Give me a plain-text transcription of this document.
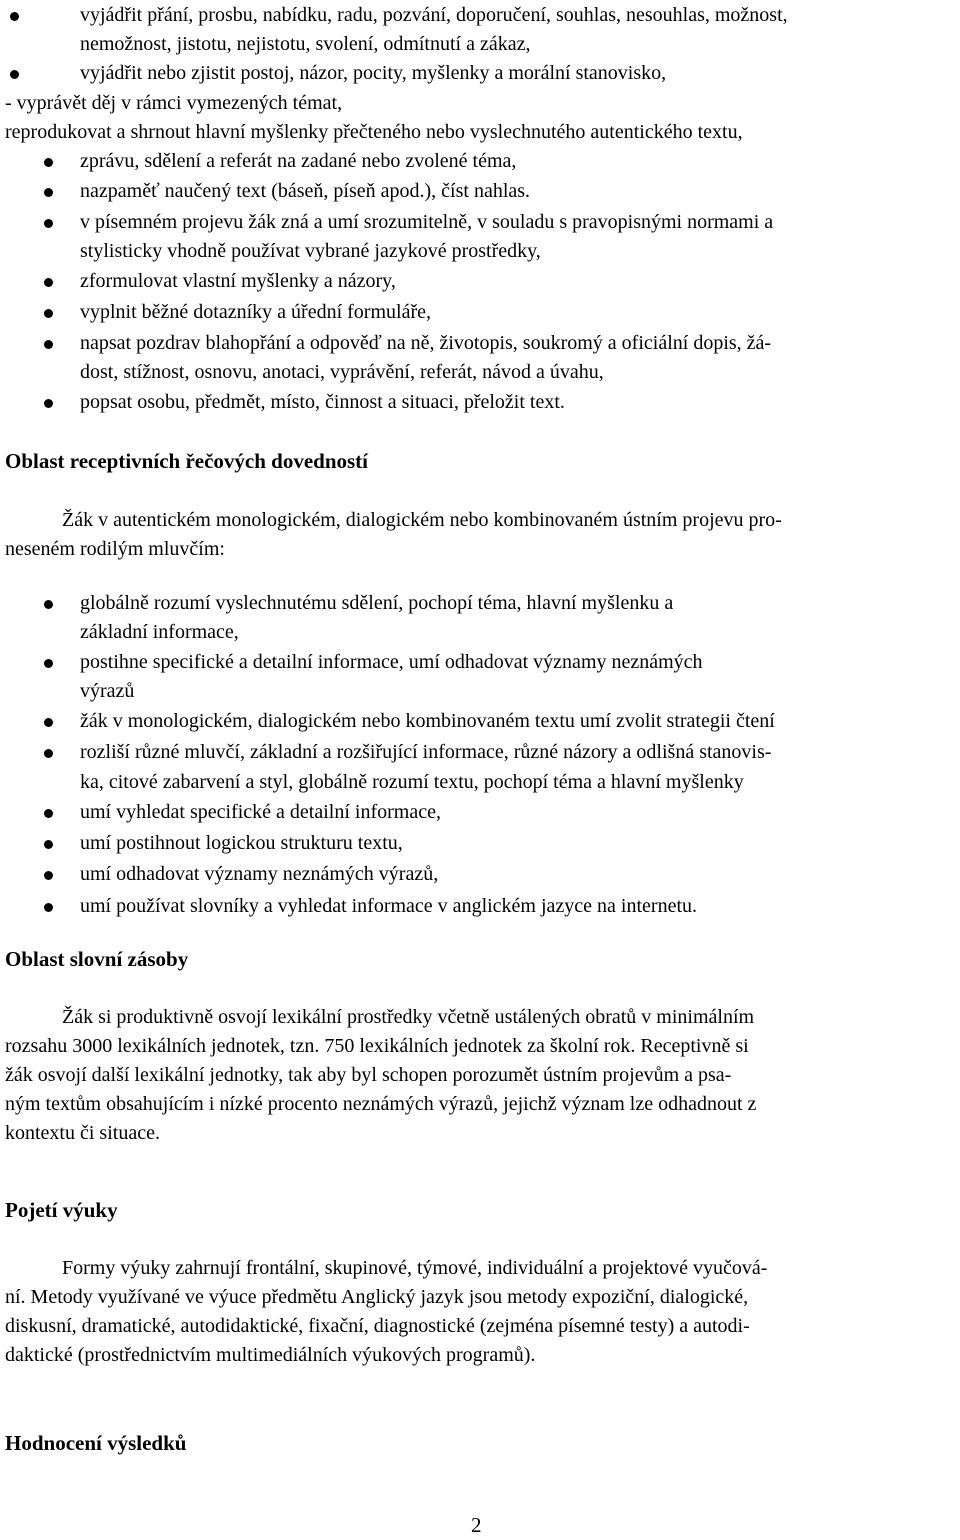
vyjádřit přání, prosbu, nabídku, radu, pozvání, doporučení, souhlas, nesouhlas, možnost,
nemožnost, jistotu, nejistotu, svolení, odmítnutí a zákaz,
vyjádřit nebo zjistit postoj, názor, pocity, myšlenky a morální stanovisko,
- vyprávět děj v rámci vymezených témat,
reprodukovat a shrnout hlavní myšlenky přečteného nebo vyslechnutého autentického textu,
zprávu, sdělení a referát na zadané nebo zvolené téma,
nazpaměť naučený text (báseň, píseň apod.), číst nahlas.
v písemném projevu žák zná a umí srozumitelně, v souladu s pravopisnými normami a
stylisticky vhodně používat vybrané jazykové prostředky,
zformulovat vlastní myšlenky a názory,
vyplnit běžné dotazníky a úřední formuláře,
napsat pozdrav blahopřání a odpověď na ně, životopis, soukromý a oficiální dopis, žá-
dost, stížnost, osnovu, anotaci, vyprávění, referát, návod a úvahu,
popsat osobu, předmět, místo, činnost a situaci, přeložit text.
Oblast receptivních řečových dovedností
Žák v autentickém monologickém, dialogickém nebo kombinovaném ústním projevu pro-
neseném rodilým mluvčím:
globálně rozumí vyslechnutému sdělení, pochopí téma, hlavní myšlenku a
základní informace,
postihne specifické a detailní informace, umí odhadovat významy neznámých
výrazů
žák v monologickém, dialogickém nebo kombinovaném textu umí zvolit strategii čtení
rozliší různé mluvčí, základní a rozšiřující informace, různé názory a odlišná stanovis-
ka, citové zabarvení a styl, globálně rozumí textu, pochopí téma a hlavní myšlenky
umí vyhledat specifické a detailní informace,
umí postihnout logickou strukturu textu,
umí odhadovat významy neznámých výrazů,
umí používat slovníky a vyhledat informace v anglickém jazyce na internetu.
Oblast slovní zásoby
Žák si produktivně osvojí lexikální prostředky včetně ustálených obratů v minimálním
rozsahu 3000 lexikálních jednotek, tzn. 750 lexikálních jednotek za školní rok. Receptivně si
žák osvojí další lexikální jednotky, tak aby byl schopen porozumět ústním projevům a psa-
ným textům obsahujícím i nízké procento neznámých výrazů, jejichž význam lze odhadnout z
kontextu či situace.
Pojetí výuky
Formy výuky zahrnují frontální, skupinové, týmové, individuální a projektové vyučová-
ní. Metody využívané ve výuce předmětu Anglický jazyk jsou metody expoziční, dialogické,
diskusní, dramatické, autodidaktické, fixační, diagnostické (zejména písemné testy) a autodi-
daktické (prostřednictvím multimediálních výukových programů).
Hodnocení výsledků
2
